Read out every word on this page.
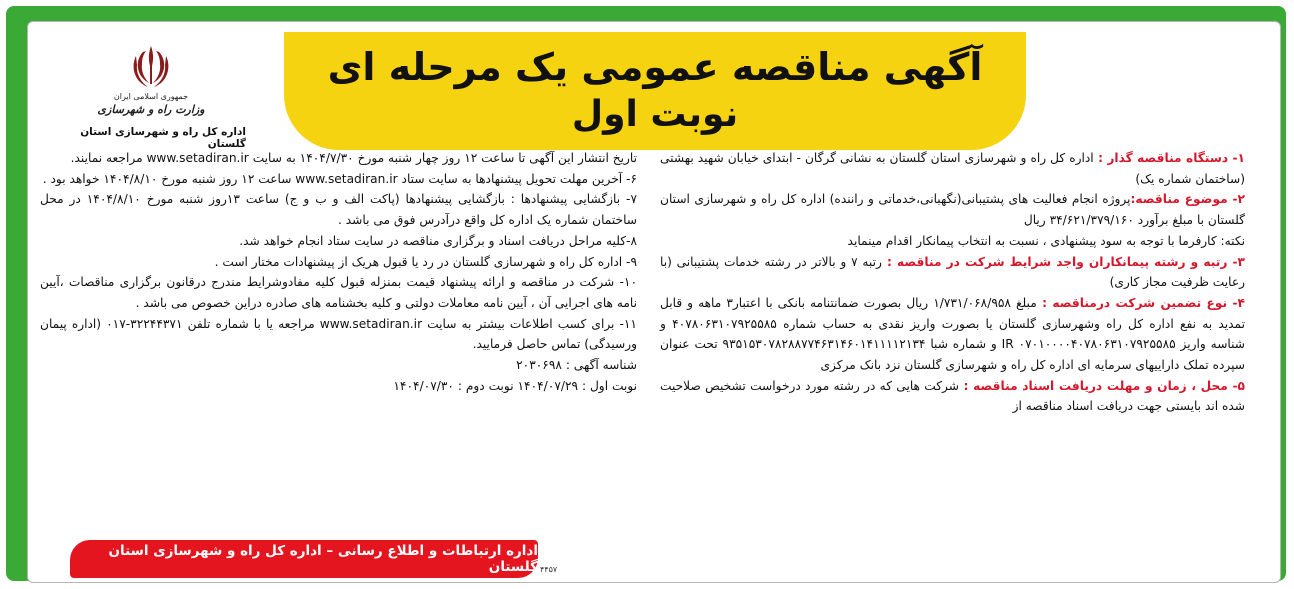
آگهی مناقصه عمومی یک مرحله ای
نوبت اول
جمهوری اسلامی ایران
وزارت راه و شهرسازی
اداره کل راه و شهرسازی استان گلستان
اداره ارتباطات و اطلاع رسانی – اداره کل راه و شهرسازی استان گلستان ۴۴۵۷

۱- دستگاه مناقصه گذار : اداره کل راه و شهرسازی استان گلستان به نشانی گرگان - ابتدای خیابان شهید بهشتی (ساختمان شماره یک)

۲- موضوع مناقصه:پروژه انجام فعالیت های پشتیبانی(نگهبانی،خدماتی و راننده) اداره کل راه و شهرسازی استان گلستان با مبلغ برآورد ۳۴/۶۲۱/۳۷۹/۱۶۰ ریال

نکته: کارفرما با توجه به سود پیشنهادی ، نسبت به انتخاب پیمانکار اقدام مینماید

۳- رتبه و رشته پیمانکاران واجد شرایط شرکت در مناقصه : رتبه ۷ و بالاتر در رشته خدمات پشتیبانی (با رعایت ظرفیت مجاز کاری)

۴- نوع تضمین شرکت درمناقصه : مبلغ ۱/۷۳۱/۰۶۸/۹۵۸ ریال بصورت ضمانتنامه بانکی با اعتبار۳ ماهه و قابل تمدید به نفع اداره کل راه وشهرسازی گلستان یا بصورت واریز نقدی به حساب شماره ۴۰۷۸۰۶۳۱۰۷۹۲۵۵۸۵ و شناسه واریز IR ۰۷۰۱۰۰۰۰۴۰۷۸۰۶۳۱۰۷۹۲۵۵۸۵ و شماره شبا ۹۳۵۱۵۳۰۷۸۲۸۸۷۷۴۶۳۱۴۶۰۱۴۱۱۱۱۲۱۳۴ تحت عنوان سپرده تملک داراییهای سرمایه ای اداره کل راه و شهرسازی گلستان نزد بانک مرکزی

۵- محل ، زمان و مهلت دریافت اسناد مناقصه : شرکت هایی که در رشته مورد درخواست تشخیص صلاحیت شده اند بایستی جهت دریافت اسناد مناقصه از

تاریخ انتشار این آگهی تا ساعت ۱۲ روز چهار شنبه مورخ ۱۴۰۴/۷/۳۰ به سایت www.setadiran.ir مراجعه نمایند.

۶- آخرین مهلت تحویل پیشنهادها به سایت ستاد www.setadiran.ir ساعت ۱۲ روز شنبه مورخ ۱۴۰۴/۸/۱۰ خواهد بود .

۷- بازگشایی پیشنهادها : بازگشایی پیشنهادها (پاکت الف و ب و ج) ساعت ۱۳روز شنبه مورخ ۱۴۰۴/۸/۱۰ در محل ساختمان شماره یک اداره کل واقع درآدرس فوق می باشد .

۸-کلیه مراحل دریافت اسناد و برگزاری مناقصه در سایت ستاد انجام خواهد شد.

۹- اداره کل راه و شهرسازی گلستان در رد یا قبول هریک از پیشنهادات مختار است .

۱۰- شرکت در مناقصه و ارائه پیشنهاد قیمت بمنزله قبول کلیه مفادوشرایط مندرج درقانون برگزاری مناقصات ،آیین نامه های اجرایی آن ، آیین نامه معاملات دولتی و کلیه بخشنامه های صادره دراین خصوص می باشد .

۱۱- برای کسب اطلاعات بیشتر به سایت www.setadiran.ir مراجعه یا با شماره تلفن ۳۲۲۴۴۳۷۱-۰۱۷ (اداره پیمان ورسیدگی) تماس حاصل فرمایید.

شناسه آگهی : ۲۰۳۰۶۹۸

نوبت اول : ۱۴۰۴/۰۷/۲۹ نوبت دوم : ۱۴۰۴/۰۷/۳۰
